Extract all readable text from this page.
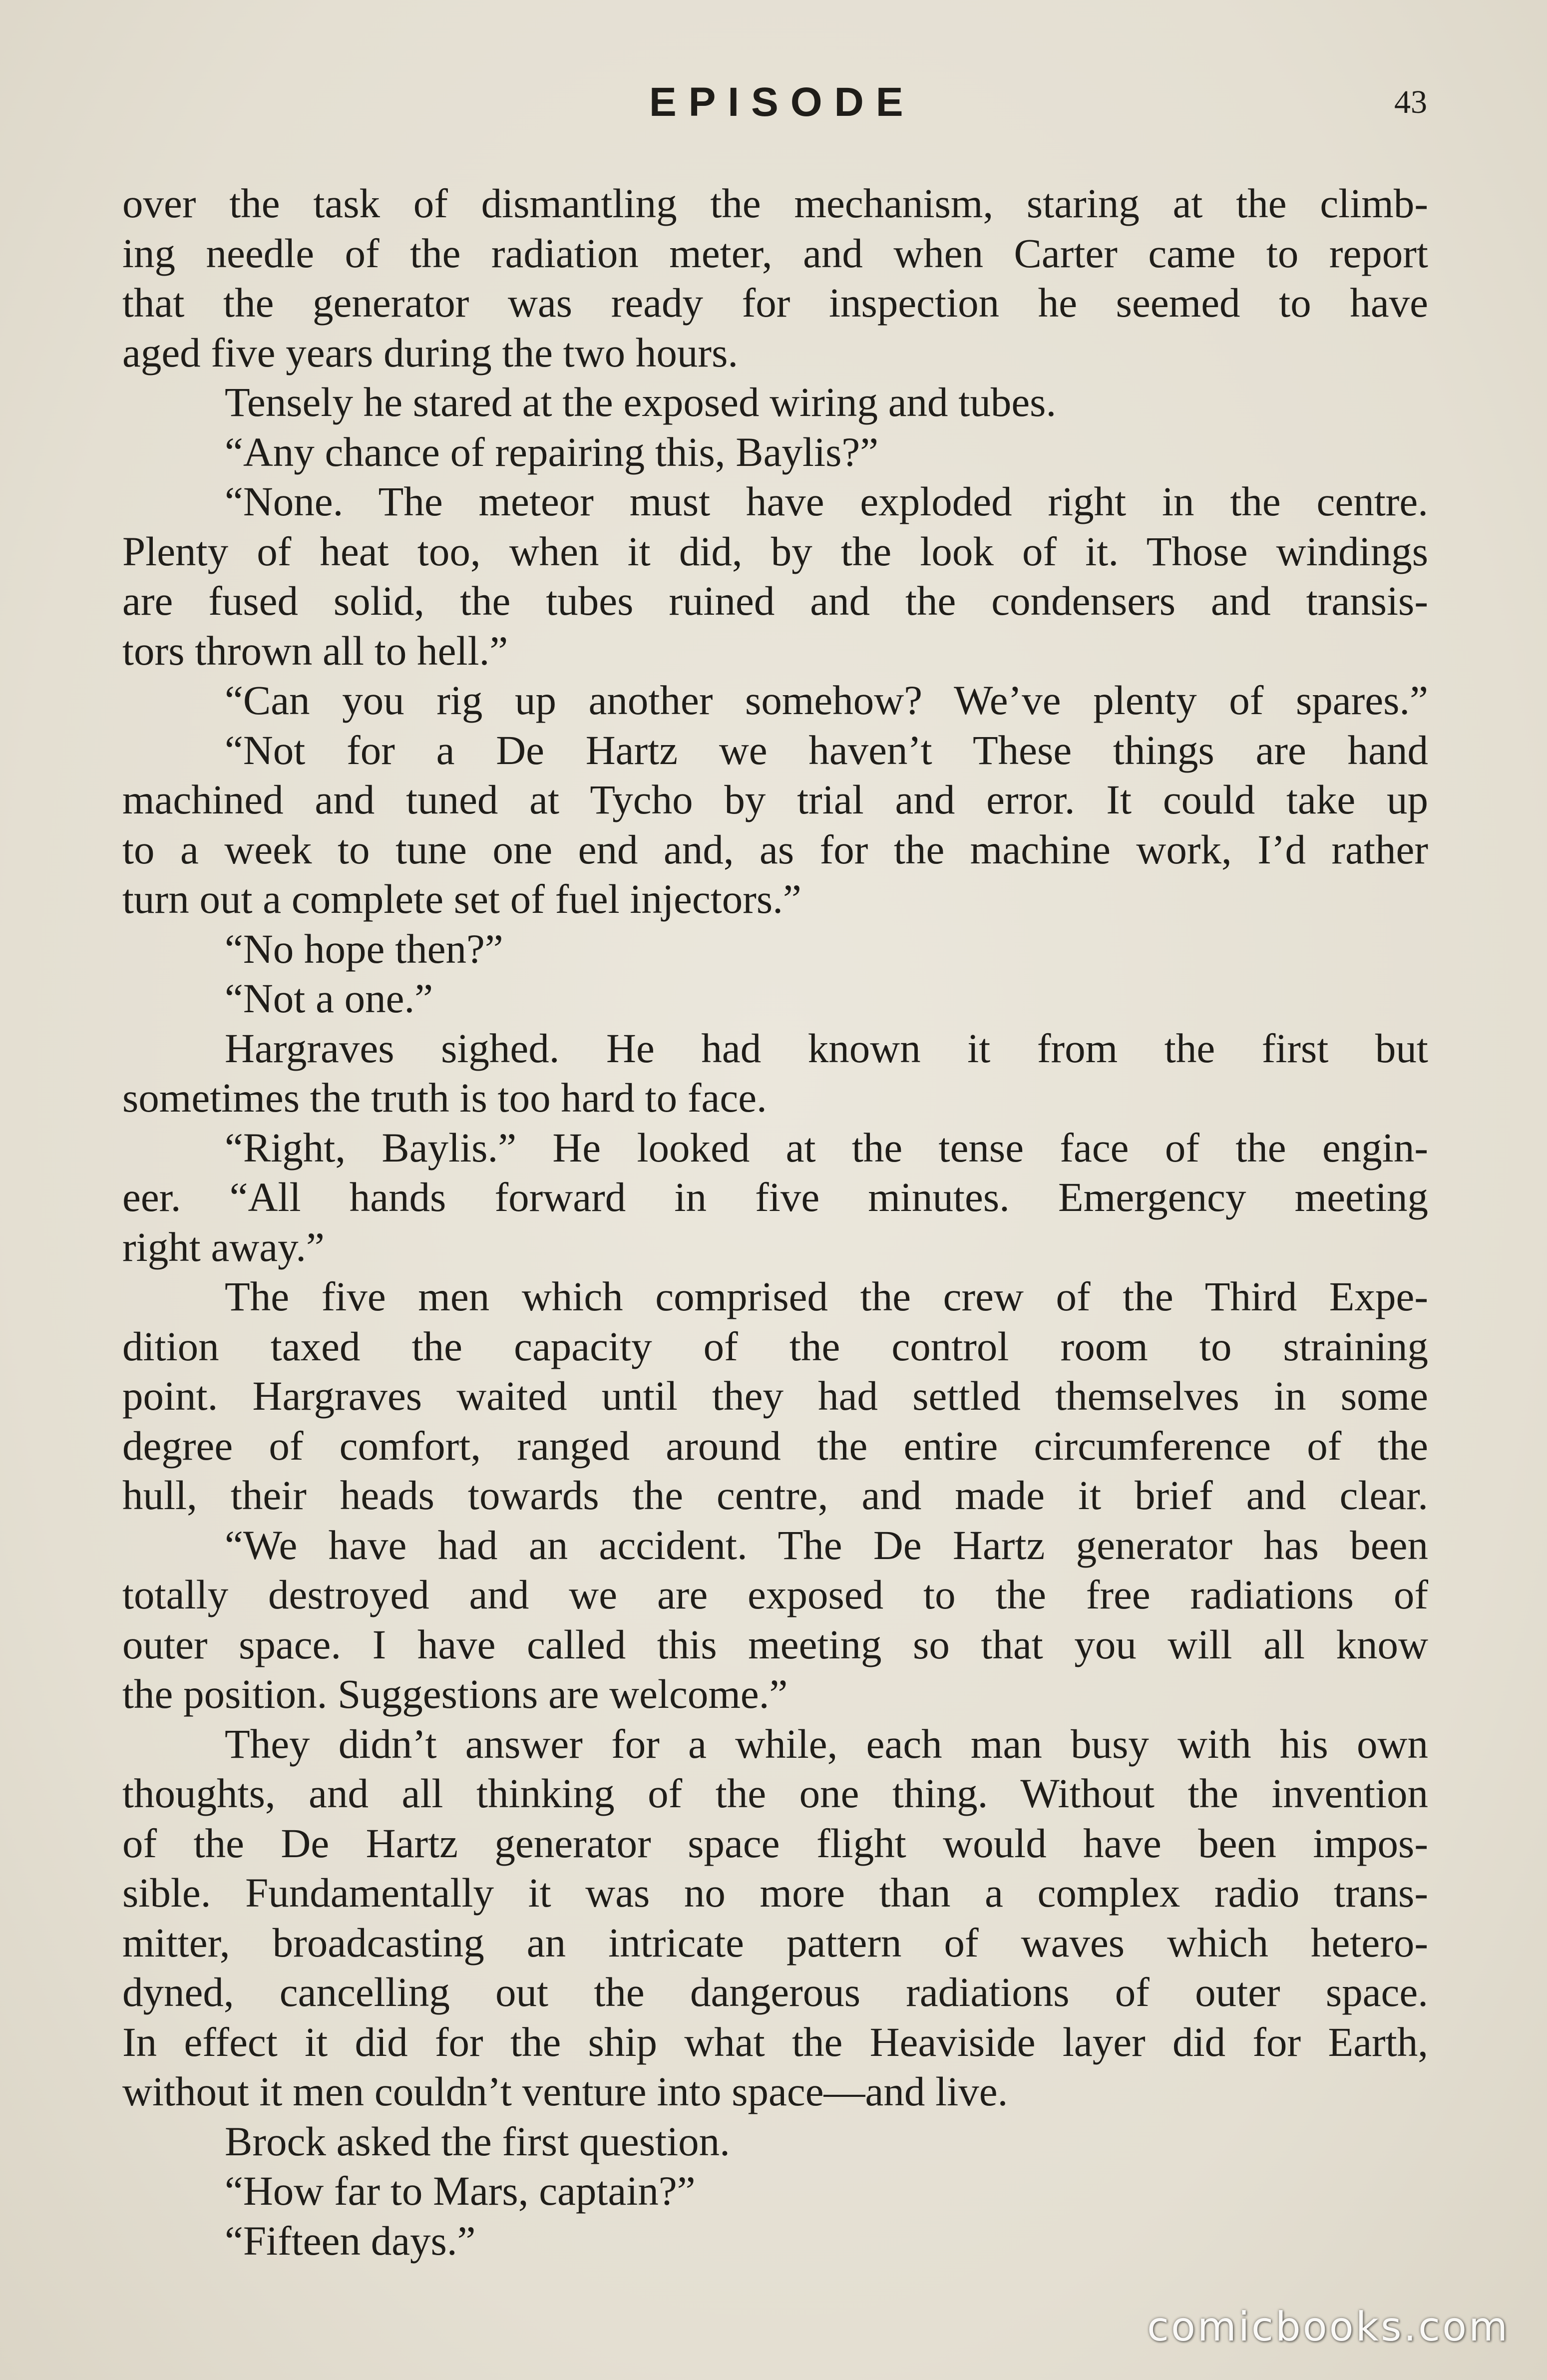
EPISODE	43
over the task of dismantling the mechanism, staring at the climb-
ing needle of the radiation meter, and when Carter came to report
that the generator was ready for inspection he seemed to have
aged five years during the two hours.
Tensely he stared at the exposed wiring and tubes.
“Any chance of repairing this, Baylis?”
“None. The meteor must have exploded right in the centre.
Plenty of heat too, when it did, by the look of it. Those windings
are fused solid, the tubes ruined and the condensers and transis-
tors thrown all to hell.”
“Can you rig up another somehow? We’ve plenty of spares.”
“Not for a De Hartz we haven’t These things are hand
machined and tuned at Tycho by trial and error. It could take up
to a week to tune one end and, as for the machine work, I’d rather
turn out a complete set of fuel injectors.”
“No hope then?”
“Not a one.”
Hargraves sighed. He had known it from the first but
sometimes the truth is too hard to face.
“Right, Baylis.” He looked at the tense face of the engin-
eer. “All hands forward in five minutes. Emergency meeting
right away.”
The five men which comprised the crew of the Third Expe-
dition taxed the capacity of the control room to straining
point. Hargraves waited until they had settled themselves in some
degree of comfort, ranged around the entire circumference of the
hull, their heads towards the centre, and made it brief and clear.
“We have had an accident. The De Hartz generator has been
totally destroyed and we are exposed to the free radiations of
outer space. I have called this meeting so that you will all know
the position. Suggestions are welcome.”
They didn’t answer for a while, each man busy with his own
thoughts, and all thinking of the one thing. Without the invention
of the De Hartz generator space flight would have been impos-
sible. Fundamentally it was no more than a complex radio trans-
mitter, broadcasting an intricate pattern of waves which hetero-
dyned, cancelling out the dangerous radiations of outer space.
In effect it did for the ship what the Heaviside layer did for Earth,
without it men couldn’t venture into space—and live.
Brock asked the first question.
“How far to Mars, captain?”
“Fifteen days.”
comicbooks.com
